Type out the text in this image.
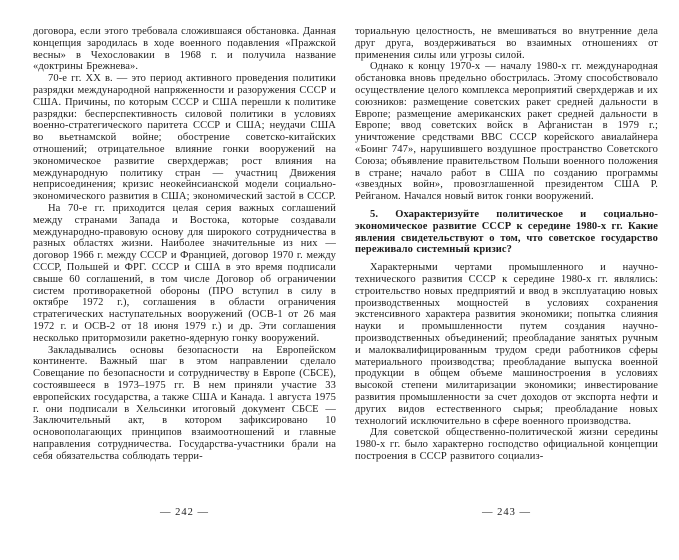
договора, если этого требовала сложившаяся обстановка. Данная концепция зародилась в ходе военного подавления «Пражской весны» в Чехословакии в 1968 г. и получила название «доктрины Брежнева».

70-е гг. XX в. — это период активного проведения политики разрядки международной напряженности и разоружения СССР и США. Причины, по которым СССР и США перешли к политике разрядки: бесперспективность силовой политики в условиях военно-стратегического паритета СССР и США; неудачи США во вьетнамской войне; обострение советско-китайских отношений; отрицательное влияние гонки вооружений на экономическое развитие сверхдержав; рост влияния на международную политику стран — участниц Движения неприсоединения; кризис неокейнсианской модели социально-экономического развития в США; экономический застой в СССР.

На 70-е гг. приходится целая серия важных соглашений между странами Запада и Востока, которые создавали международно-правовую основу для широкого сотрудничества в разных областях жизни. Наиболее значительные из них — договор 1966 г. между СССР и Францией, договор 1970 г. между СССР, Польшей и ФРГ. СССР и США в это время подписали свыше 60 соглашений, в том числе Договор об ограничении систем противоракетной обороны (ПРО вступил в силу в октябре 1972 г.), соглашения в области ограничения стратегических наступательных вооружений (ОСВ-1 от 26 мая 1972 г. и ОСВ-2 от 18 июня 1979 г.) и др. Эти соглашения несколько притормозили ракетно-ядерную гонку вооружений.

Закладывались основы безопасности на Европейском континенте. Важный шаг в этом направлении сделало Совещание по безопасности и сотрудничеству в Европе (СБСЕ), состоявшееся в 1973–1975 гг. В нем приняли участие 33 европейских государства, а также США и Канада. 1 августа 1975 г. они подписали в Хельсинки итоговый документ СБСЕ — Заключительный акт, в котором зафиксировано 10 основополагающих принципов взаимоотношений и главные направления сотрудничества. Государства-участники брали на себя обязательства соблюдать терри-

— 242 —

ториальную целостность, не вмешиваться во внутренние дела друг друга, воздерживаться во взаимных отношениях от применения силы или угрозы силой.

Однако к концу 1970-х — началу 1980-х гг. международная обстановка вновь предельно обострилась. Этому способствовало осуществление целого комплекса мероприятий сверхдержав и их союзников: размещение советских ракет средней дальности в Европе; размещение американских ракет средней дальности в Европе; ввод советских войск в Афганистан в 1979 г.; уничтожение средствами ВВС СССР корейского авиалайнера «Боинг 747», нарушившего воздушное пространство Советского Союза; объявление правительством Польши военного положения в стране; начало работ в США по созданию программы «звездных войн», провозглашенной президентом США Р. Рейганом. Начался новый виток гонки вооружений.

5. Охарактеризуйте политическое и социально-экономическое развитие СССР к середине 1980-х гг. Какие явления свидетельствуют о том, что советское государство переживало системный кризис?

Характерными чертами промышленного и научно-технического развития СССР к середине 1980-х гг. являлись: строительство новых предприятий и ввод в эксплуатацию новых производственных мощностей в условиях сохранения экстенсивного характера развития экономики; попытка слияния науки и промышленности путем создания научно-производственных объединений; преобладание занятых ручным и малоквалифицированным трудом среди работников сферы материального производства; преобладание выпуска военной продукции в общем объеме машиностроения в условиях высокой степени милитаризации экономики; инвестирование развития промышленности за счет доходов от экспорта нефти и других видов естественного сырья; преобладание новых технологий исключительно в сфере военного производства.

Для советской общественно-политической жизни середины 1980-х гг. было характерно господство официальной концепции построения в СССР развитого социализ-

— 243 —
